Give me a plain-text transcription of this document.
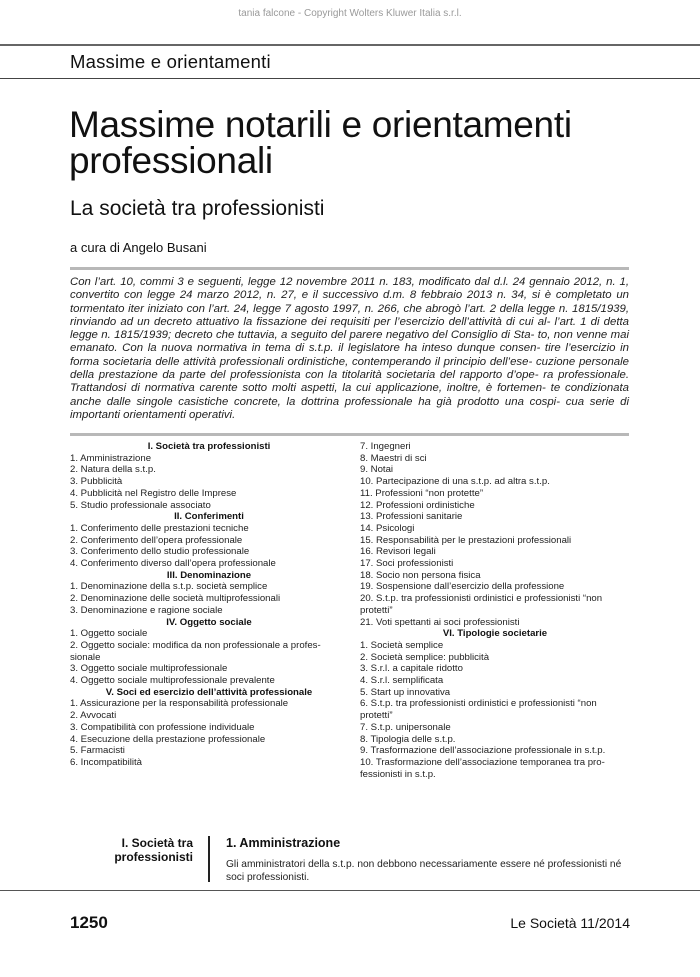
tania falcone - Copyright Wolters Kluwer Italia s.r.l.
Massime e orientamenti
Massime notarili e orientamenti professionali
La società tra professionisti
a cura di Angelo Busani
Con l’art. 10, commi 3 e seguenti, legge 12 novembre 2011 n. 183, modificato dal d.l. 24 gennaio 2012, n. 1, convertito con legge 24 marzo 2012, n. 27, e il successivo d.m. 8 febbraio 2013 n. 34, si è completato un tormentato iter iniziato con l’art. 24, legge 7 agosto 1997, n. 266, che abrogò l’art. 2 della legge n. 1815/1939, rinviando ad un decreto attuativo la fissazione dei requisiti per l’esercizio dell’attività di cui al- l’art. 1 di detta legge n. 1815/1939; decreto che tuttavia, a seguito del parere negativo del Consiglio di Sta- to, non venne mai emanato. Con la nuova normativa in tema di s.t.p. il legislatore ha inteso dunque consen- tire l’esercizio in forma societaria delle attività professionali ordinistiche, contemperando il principio dell’ese- cuzione personale della prestazione da parte del professionista con la titolarità societaria del rapporto d’ope- ra professionale. Trattandosi di normativa carente sotto molti aspetti, la cui applicazione, inoltre, è fortemen- te condizionata anche dalle singole casistiche concrete, la dottrina professionale ha già prodotto una cospi- cua serie di importanti orientamenti operativi.
I. Società tra professionisti
1. Amministrazione
2. Natura della s.t.p.
3. Pubblicità
4. Pubblicità nel Registro delle Imprese
5. Studio professionale associato
II. Conferimenti
1. Conferimento delle prestazioni tecniche
2. Conferimento dell’opera professionale
3. Conferimento dello studio professionale
4. Conferimento diverso dall’opera professionale
III. Denominazione
1. Denominazione della s.t.p. società semplice
2. Denominazione delle società multiprofessionali
3. Denominazione e ragione sociale
IV. Oggetto sociale
1. Oggetto sociale
2. Oggetto sociale: modifica da non professionale a profes- sionale
3. Oggetto sociale multiprofessionale
4. Oggetto sociale multiprofessionale prevalente
V. Soci ed esercizio dell’attività professionale
1. Assicurazione per la responsabilità professionale
2. Avvocati
3. Compatibilità con professione individuale
4. Esecuzione della prestazione professionale
5. Farmacisti
6. Incompatibilità
7. Ingegneri
8. Maestri di sci
9. Notai
10. Partecipazione di una s.t.p. ad altra s.t.p.
11. Professioni “non protette”
12. Professioni ordinistiche
13. Professioni sanitarie
14. Psicologi
15. Responsabilità per le prestazioni professionali
16. Revisori legali
17. Soci professionisti
18. Socio non persona fisica
19. Sospensione dall’esercizio della professione
20. S.t.p. tra professionisti ordinistici e professionisti “non protetti”
21. Voti spettanti ai soci professionisti
VI. Tipologie societarie
1. Società semplice
2. Società semplice: pubblicità
3. S.r.l. a capitale ridotto
4. S.r.l. semplificata
5. Start up innovativa
6. S.t.p. tra professionisti ordinistici e professionisti “non protetti”
7. S.t.p. unipersonale
8. Tipologia delle s.t.p.
9. Trasformazione dell’associazione professionale in s.t.p.
10. Trasformazione dell’associazione temporanea tra pro- fessionisti in s.t.p.
I. Società tra professionisti
1. Amministrazione
Gli amministratori della s.t.p. non debbono necessariamente essere né professionisti né soci professionisti.
1250	Le Società 11/2014
